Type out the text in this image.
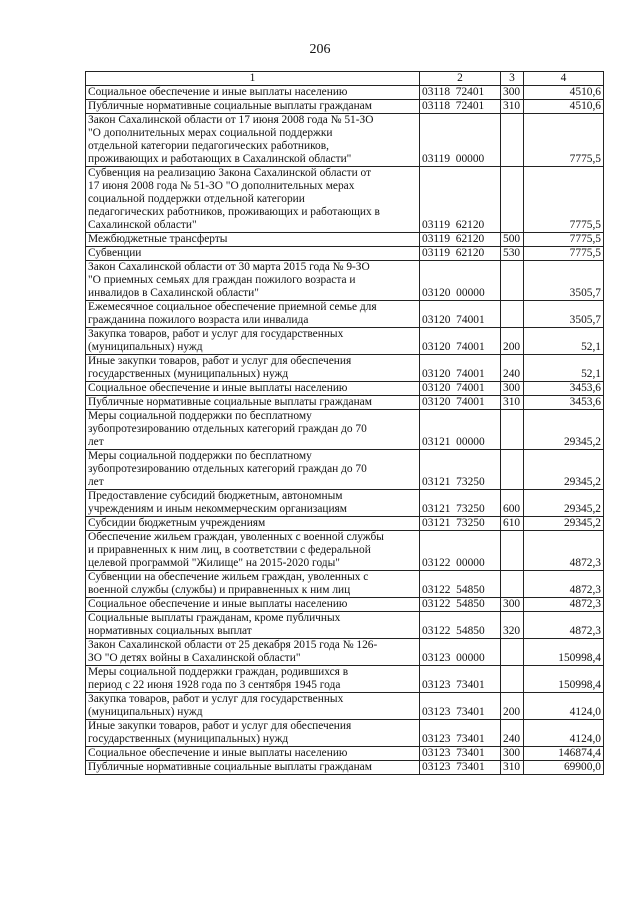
206
1	2	3	4
Социальное обеспечение и иные выплаты населению	03118  72401	300	4510,6
Публичные нормативные социальные выплаты гражданам	03118  72401	310	4510,6
Закон Сахалинской области от 17 июня 2008 года № 51-ЗО
"О дополнительных мерах социальной поддержки
отдельной категории педагогических работников,
проживающих и работающих в Сахалинской области"	03119  00000		7775,5
Субвенция на реализацию Закона Сахалинской области от
17 июня 2008 года № 51-ЗО "О дополнительных мерах
социальной поддержки отдельной категории
педагогических работников, проживающих и работающих в
Сахалинской области"	03119  62120		7775,5
Межбюджетные трансферты	03119  62120	500	7775,5
Субвенции	03119  62120	530	7775,5
Закон Сахалинской области от 30 марта 2015 года № 9-ЗО
"О приемных семьях для граждан пожилого возраста и
инвалидов в Сахалинской области"	03120  00000		3505,7
Ежемесячное социальное обеспечение приемной семье для
гражданина пожилого возраста или инвалида	03120  74001		3505,7
Закупка товаров, работ и услуг для государственных
(муниципальных) нужд	03120  74001	200	52,1
Иные закупки товаров, работ и услуг для обеспечения
государственных (муниципальных) нужд	03120  74001	240	52,1
Социальное обеспечение и иные выплаты населению	03120  74001	300	3453,6
Публичные нормативные социальные выплаты гражданам	03120  74001	310	3453,6
Меры социальной поддержки по бесплатному
зубопротезированию отдельных категорий граждан до 70
лет	03121  00000		29345,2
Меры социальной поддержки по бесплатному
зубопротезированию отдельных категорий граждан до 70
лет	03121  73250		29345,2
Предоставление субсидий бюджетным, автономным
учреждениям и иным некоммерческим организациям	03121  73250	600	29345,2
Субсидии бюджетным учреждениям	03121  73250	610	29345,2
Обеспечение жильем граждан, уволенных с военной службы
и приравненных к ним лиц, в соответствии с федеральной
целевой программой "Жилище" на 2015-2020 годы"	03122  00000		4872,3
Субвенции на обеспечение жильем граждан, уволенных с
военной службы (службы) и приравненных к ним лиц	03122  54850		4872,3
Социальное обеспечение и иные выплаты населению	03122  54850	300	4872,3
Социальные выплаты гражданам, кроме публичных
нормативных социальных выплат	03122  54850	320	4872,3
Закон Сахалинской области от 25 декабря 2015 года № 126-
ЗО "О детях войны в Сахалинской области"	03123  00000		150998,4
Меры социальной поддержки граждан, родившихся в
период с 22 июня 1928 года по 3 сентября 1945 года	03123  73401		150998,4
Закупка товаров, работ и услуг для государственных
(муниципальных) нужд	03123  73401	200	4124,0
Иные закупки товаров, работ и услуг для обеспечения
государственных (муниципальных) нужд	03123  73401	240	4124,0
Социальное обеспечение и иные выплаты населению	03123  73401	300	146874,4
Публичные нормативные социальные выплаты гражданам	03123  73401	310	69900,0
